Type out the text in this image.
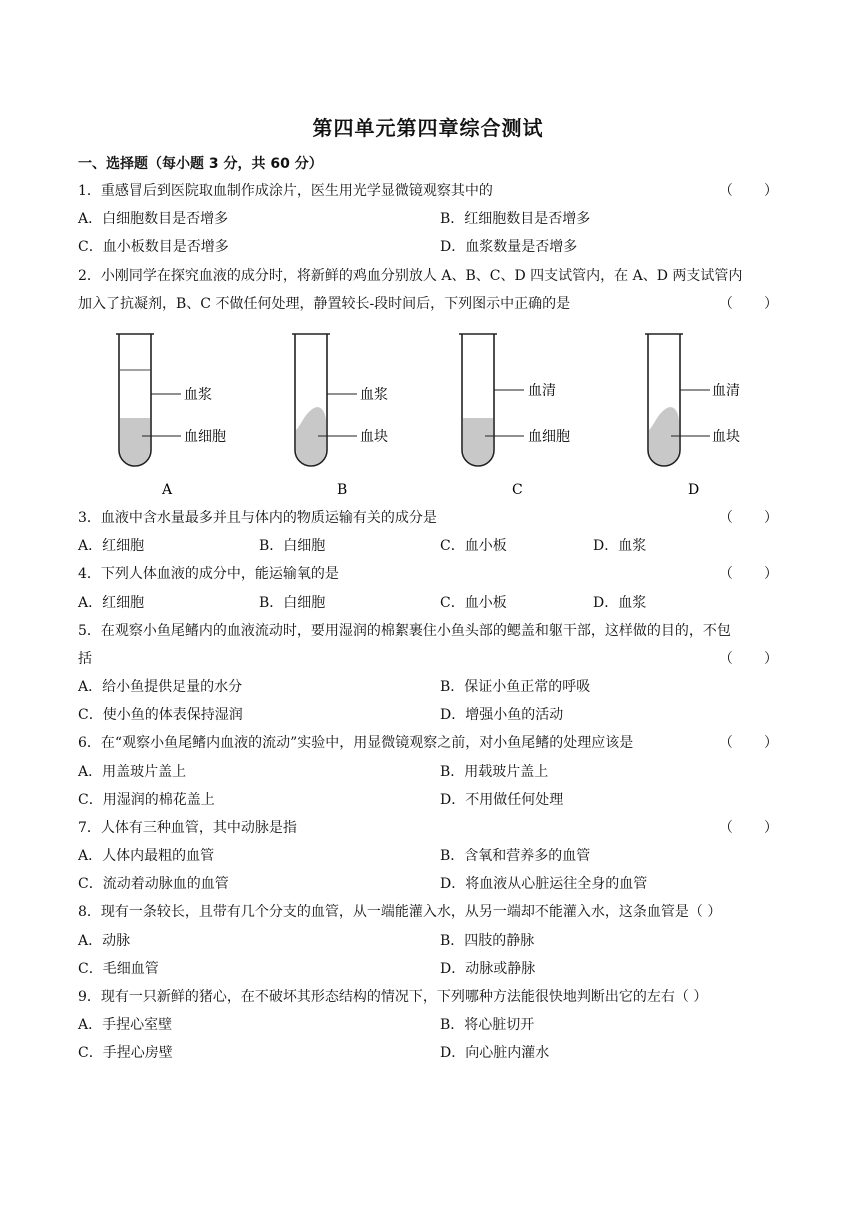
第四单元第四章综合测试
一、选择题（每小题 3 分，共 60 分）
1．重感冒后到医院取血制作成涂片，医生用光学显微镜观察其中的	（       ）
A．白细胞数目是否增多	B．红细胞数目是否增多
C．血小板数目是否增多	D．血浆数量是否增多
2．小刚同学在探究血液的成分时，将新鲜的鸡血分别放人 A、B、C、D 四支试管内，在 A、D 两支试管内
加入了抗凝剂，B、C 不做任何处理，静置较长-段时间后，下列图示中正确的是	（       ）
血浆
血细胞
A
血浆
血块
B
血清
血细胞
C
血清
血块
D
3．血液中含水量最多并且与体内的物质运输有关的成分是	（       ）
A．红细胞	B．白细胞	C．血小板	D．血浆
4．下列人体血液的成分中，能运输氧的是	（       ）
A．红细胞	B．白细胞	C．血小板	D．血浆
5．在观察小鱼尾鳍内的血液流动时，要用湿润的棉絮裹住小鱼头部的鳃盖和躯干部，这样做的目的，不包
括	（       ）
A．给小鱼提供足量的水分	B．保证小鱼正常的呼吸
C．使小鱼的体表保持湿润	D．增强小鱼的活动
6．在“观察小鱼尾鳍内血液的流动”实验中，用显微镜观察之前，对小鱼尾鳍的处理应该是	（       ）
A．用盖玻片盖上	B．用载玻片盖上
C．用湿润的棉花盖上	D．不用做任何处理
7．人体有三种血管，其中动脉是指	（       ）
A．人体内最粗的血管	B．含氧和营养多的血管
C．流动着动脉血的血管	D．将血液从心脏运往全身的血管
8．现有一条较长，且带有几个分支的血管，从一端能灌入水，从另一端却不能灌入水，这条血管是（ ）
A．动脉	B．四肢的静脉
C．毛细血管	D．动脉或静脉
9．现有一只新鲜的猪心，在不破坏其形态结构的情况下，下列哪种方法能很快地判断出它的左右（ ）
A．手捏心室壁	B．将心脏切开
C．手捏心房壁	D．向心脏内灌水
